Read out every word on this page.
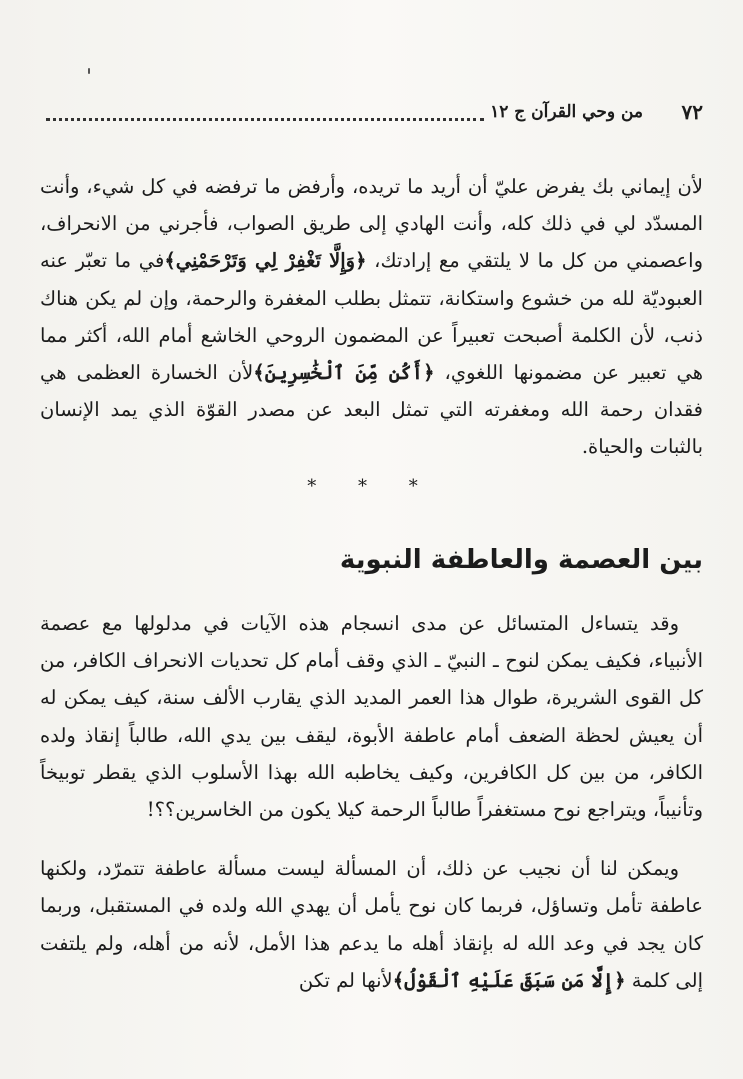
٧٢
من وحي القرآن ج ١٢

لأن إيماني بك يفرض عليّ أن أريد ما تريده، وأرفض ما ترفضه في كل شيء، وأنت المسدّد لي في ذلك كله، وأنت الهادي إلى طريق الصواب، فأجرني من الانحراف، واعصمني من كل ما لا يلتقي مع إرادتك، ﴿وَإِلَّا تَغْفِرْ لِي وَتَرْحَمْنِي﴾في ما تعبّر عنه العبوديّة لله من خشوع واستكانة، تتمثل بطلب المغفرة والرحمة، وإن لم يكن هناك ذنب، لأن الكلمة أصبحت تعبيراً عن المضمون الروحي الخاشع أمام الله، أكثر مما هي تعبير عن مضمونها اللغوي، ﴿أَكُن مِّنَ ٱلْخَٰسِرِينَ﴾لأن الخسارة العظمى هي فقدان رحمة الله ومغفرته التي تمثل البعد عن مصدر القوّة الذي يمد الإنسان بالثبات والحياة.

* * *
بين العصمة والعاطفة النبوية

وقد يتساءل المتسائل عن مدى انسجام هذه الآيات في مدلولها مع عصمة الأنبياء، فكيف يمكن لنوح ـ النبيّ ـ الذي وقف أمام كل تحديات الانحراف الكافر، من كل القوى الشريرة، طوال هذا العمر المديد الذي يقارب الألف سنة، كيف يمكن له أن يعيش لحظة الضعف أمام عاطفة الأبوة، ليقف بين يدي الله، طالباً إنقاذ ولده الكافر، من بين كل الكافرين، وكيف يخاطبه الله بهذا الأسلوب الذي يقطر توبيخاً وتأنيباً، ويتراجع نوح مستغفراً طالباً الرحمة كيلا يكون من الخاسرين؟؟!

ويمكن لنا أن نجيب عن ذلك، أن المسألة ليست مسألة عاطفة تتمرّد، ولكنها عاطفة تأمل وتساؤل، فربما كان نوح يأمل أن يهدي الله ولده في المستقبل، وربما كان يجد في وعد الله له بإنقاذ أهله ما يدعم هذا الأمل، لأنه من أهله، ولم يلتفت إلى كلمة ﴿إِلَّا مَن سَبَقَ عَلَيْهِ ٱلْقَوْلُ﴾لأنها لم تكن
